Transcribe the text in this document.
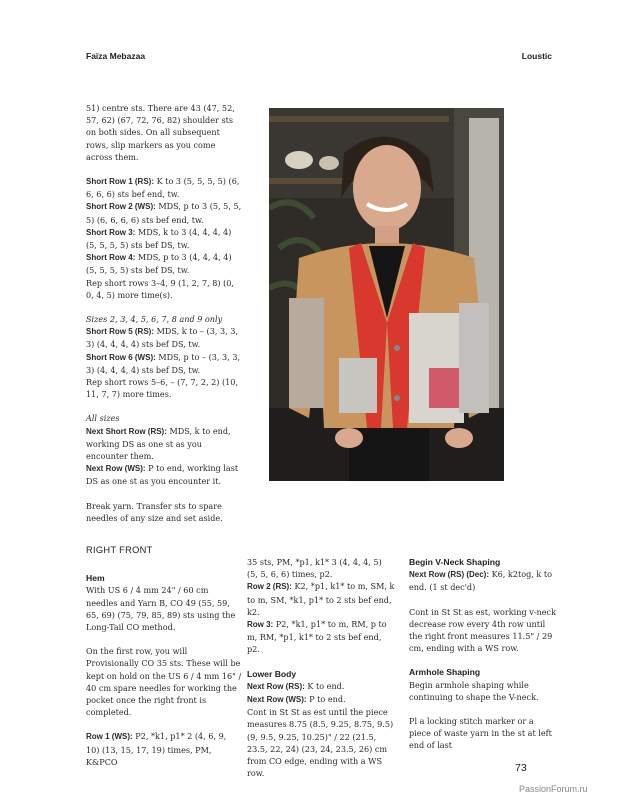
Faïza Mebazaa	Loustic

51) centre sts. There are 43 (47, 52, 57, 62) (67, 72, 76, 82) shoulder sts on both sides. On all subsequent rows, slip markers as you come across them.

Short Row 1 (RS): K to 3 (5, 5, 5, 5) (6, 6, 6, 6) sts bef end, tw.

Short Row 2 (WS): MDS, p to 3 (5, 5, 5, 5) (6, 6, 6, 6) sts bef end, tw.

Short Row 3: MDS, k to 3 (4, 4, 4, 4) (5, 5, 5, 5) sts bef DS, tw.

Short Row 4: MDS, p to 3 (4, 4, 4, 4) (5, 5, 5, 5) sts bef DS, tw.

Rep short rows 3–4, 9 (1, 2, 7, 8) (0, 0, 4, 5) more time(s).

Sizes 2, 3, 4, 5, 6, 7, 8 and 9 only

Short Row 5 (RS): MDS, k to – (3, 3, 3, 3) (4, 4, 4, 4) sts bef DS, tw.

Short Row 6 (WS): MDS, p to – (3, 3, 3, 3) (4, 4, 4, 4) sts bef DS, tw.

Rep short rows 5–6, – (7, 7, 2, 2) (10, 11, 7, 7) more times.

All sizes

Next Short Row (RS): MDS, k to end, working DS as one st as you encounter them.

Next Row (WS): P to end, working last DS as one st as you encounter it.

Break yarn. Transfer sts to spare needles of any size and set aside.

RIGHT FRONT

Hem

With US 6 / 4 mm 24" / 60 cm needles and Yarn B, CO 49 (55, 59, 65, 69) (75, 79, 85, 89) sts using the Long-Tail CO method.

On the first row, you will Provisionally CO 35 sts. These will be kept on hold on the US 6 / 4 mm 16" / 40 cm spare needles for working the pocket once the right front is completed.

Row 1 (WS): P2, *k1, p1* 2 (4, 6, 9, 10) (13, 15, 17, 19) times, PM, K&PCO

35 sts, PM, *p1, k1* 3 (4, 4, 4, 5) (5, 5, 6, 6) times, p2.

Row 2 (RS): K2, *p1, k1* to m, SM, k to m, SM, *k1, p1* to 2 sts bef end, k2.

Row 3: P2, *k1, p1* to m, RM, p to m, RM, *p1, k1* to 2 sts bef end, p2.

Lower Body

Next Row (RS): K to end.

Next Row (WS): P to end.

Cont in St St as est until the piece measures 8.75 (8.5, 9.25, 8.75, 9.5) (9, 9.5, 9.25, 10.25)" / 22 (21.5, 23.5, 22, 24) (23, 24, 23.5, 26) cm from CO edge, ending with a WS row.

Begin V-Neck Shaping

Next Row (RS) (Dec): K6, k2tog, k to end. (1 st dec'd)

Cont in St St as est, working v-neck decrease row every 4th row until the right front measures 11.5" / 29 cm, ending with a WS row.

Armhole Shaping

Begin armhole shaping while continuing to shape the V-neck.

Pl a locking stitch marker or a piece of waste yarn in the st at left end of last

73
PassionForum.ru
